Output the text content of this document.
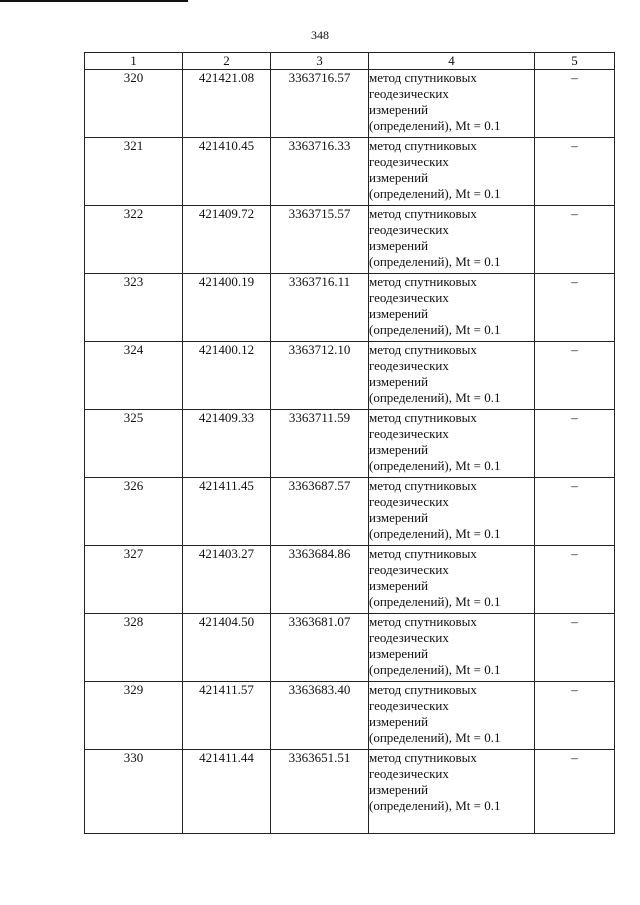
348
1	2	3	4	5
320	421421.08	3363716.57	метод спутниковых
геодезических
измерений
(определений), Mt = 0.1	–
321	421410.45	3363716.33	метод спутниковых
геодезических
измерений
(определений), Mt = 0.1	–
322	421409.72	3363715.57	метод спутниковых
геодезических
измерений
(определений), Mt = 0.1	–
323	421400.19	3363716.11	метод спутниковых
геодезических
измерений
(определений), Mt = 0.1	–
324	421400.12	3363712.10	метод спутниковых
геодезических
измерений
(определений), Mt = 0.1	–
325	421409.33	3363711.59	метод спутниковых
геодезических
измерений
(определений), Mt = 0.1	–
326	421411.45	3363687.57	метод спутниковых
геодезических
измерений
(определений), Mt = 0.1	–
327	421403.27	3363684.86	метод спутниковых
геодезических
измерений
(определений), Mt = 0.1	–
328	421404.50	3363681.07	метод спутниковых
геодезических
измерений
(определений), Mt = 0.1	–
329	421411.57	3363683.40	метод спутниковых
геодезических
измерений
(определений), Mt = 0.1	–
330	421411.44	3363651.51	метод спутниковых
геодезических
измерений
(определений), Mt = 0.1	–
